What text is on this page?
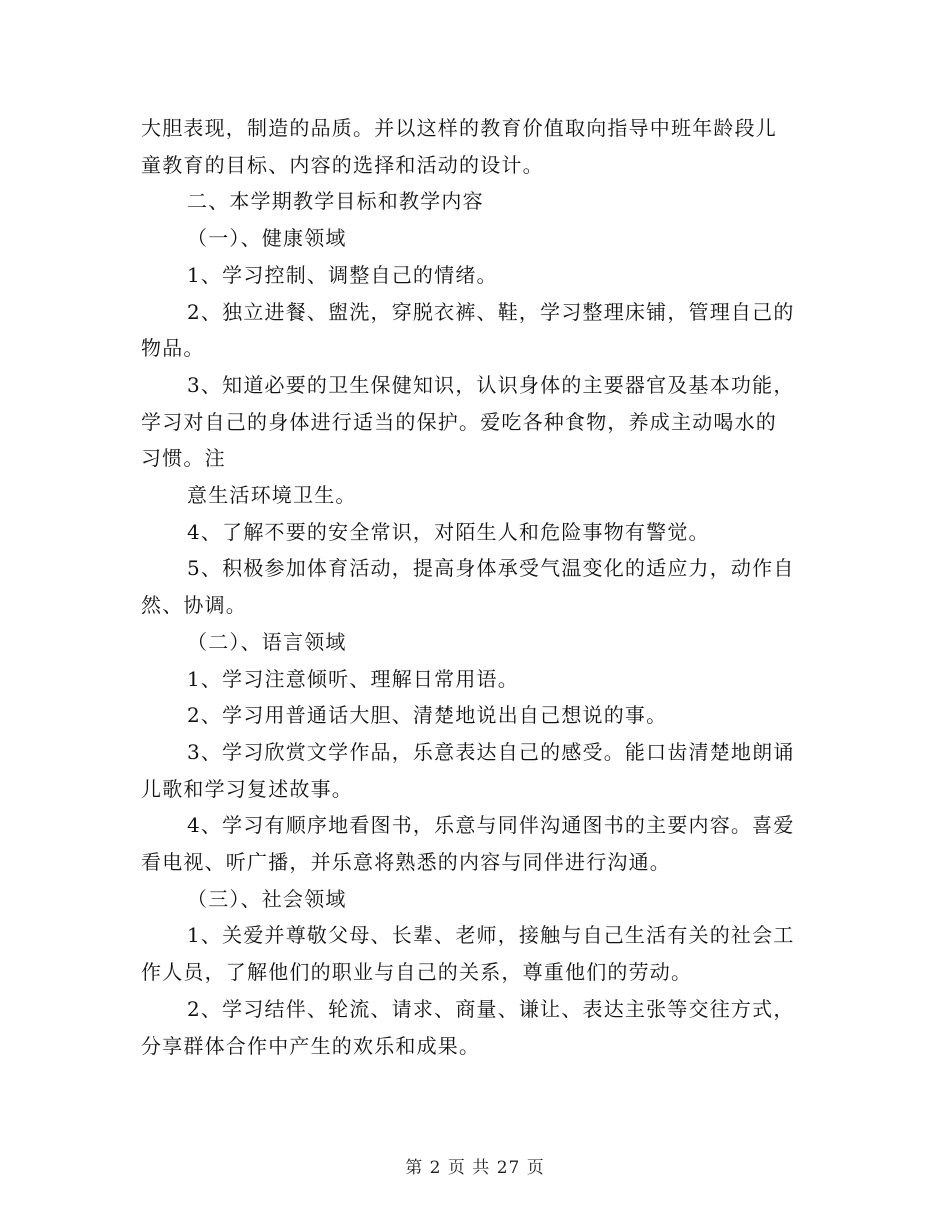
大胆表现，制造的品质。并以这样的教育价值取向指导中班年龄段儿
童教育的目标、内容的选择和活动的设计。
二、本学期教学目标和教学内容
（一）、健康领域
1、学习控制、调整自己的情绪。
2、独立进餐、盥洗，穿脱衣裤、鞋，学习整理床铺，管理自己的
物品。
3、知道必要的卫生保健知识，认识身体的主要器官及基本功能，
学习对自己的身体进行适当的保护。爱吃各种食物，养成主动喝水的
习惯。注
意生活环境卫生。
4、了解不要的安全常识，对陌生人和危险事物有警觉。
5、积极参加体育活动，提高身体承受气温变化的适应力，动作自
然、协调。
（二）、语言领域
1、学习注意倾听、理解日常用语。
2、学习用普通话大胆、清楚地说出自己想说的事。
3、学习欣赏文学作品，乐意表达自己的感受。能口齿清楚地朗诵
儿歌和学习复述故事。
4、学习有顺序地看图书，乐意与同伴沟通图书的主要内容。喜爱
看电视、听广播，并乐意将熟悉的内容与同伴进行沟通。
（三）、社会领域
1、关爱并尊敬父母、长辈、老师，接触与自己生活有关的社会工
作人员，了解他们的职业与自己的关系，尊重他们的劳动。
2、学习结伴、轮流、请求、商量、谦让、表达主张等交往方式，
分享群体合作中产生的欢乐和成果。
第 2 页 共 27 页
